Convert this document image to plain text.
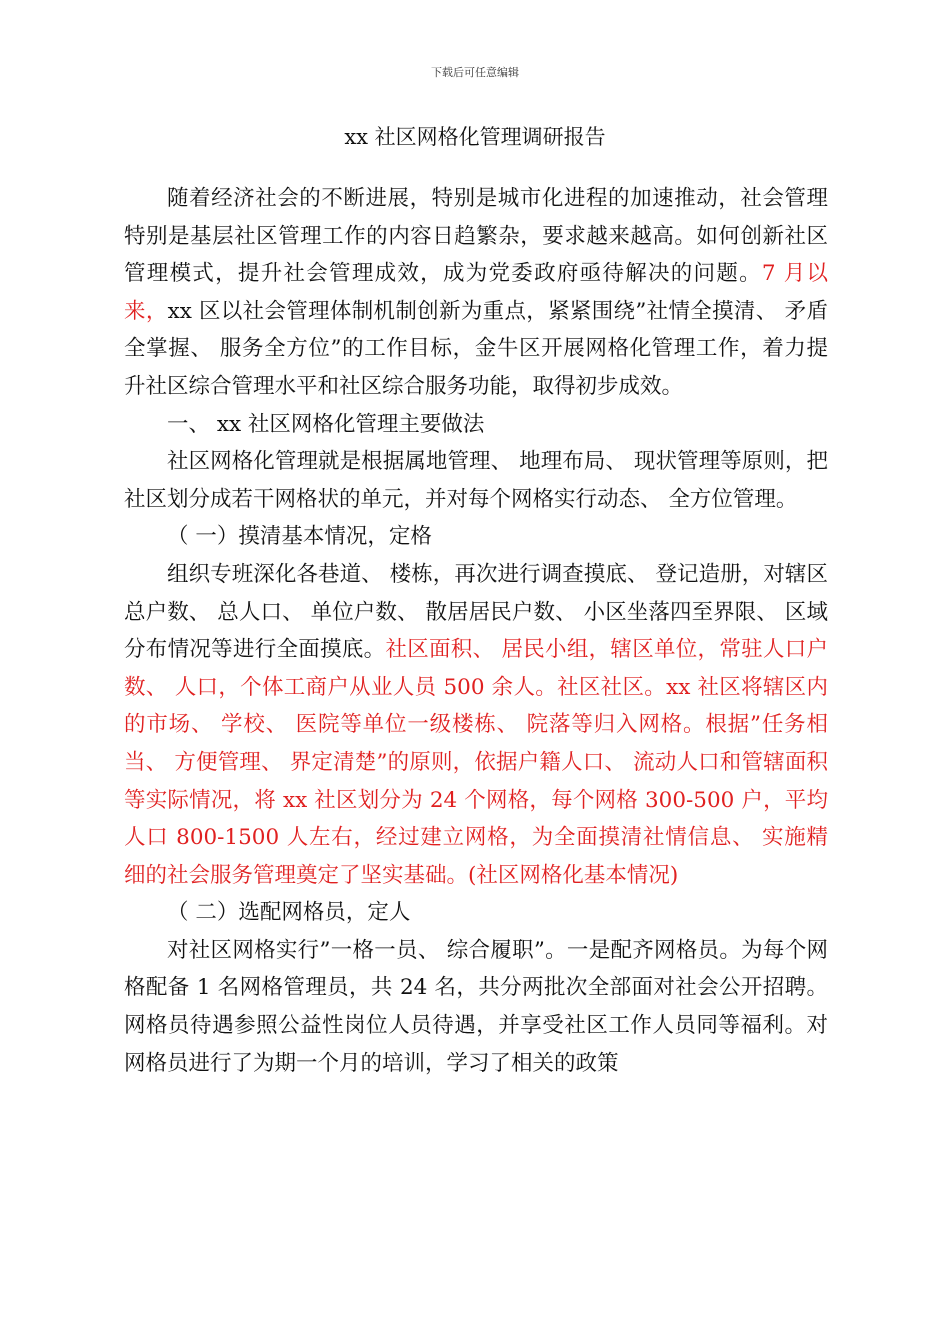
下载后可任意编辑
xx 社区网格化管理调研报告

随着经济社会的不断进展，特别是城市化进程的加速推动，社会管理特别是基层社区管理工作的内容日趋繁杂，要求越来越高。如何创新社区管理模式，提升社会管理成效，成为党委政府亟待解决的问题。7 月以来，xx 区以社会管理体制机制创新为重点，紧紧围绕”社情全摸清、 矛盾全掌握、 服务全方位”的工作目标，金牛区开展网格化管理工作，着力提升社区综合管理水平和社区综合服务功能，取得初步成效。

一、 xx 社区网格化管理主要做法

社区网格化管理就是根据属地管理、 地理布局、 现状管理等原则，把社区划分成若干网格状的单元，并对每个网格实行动态、 全方位管理。

（ 一）摸清基本情况，定格

组织专班深化各巷道、 楼栋，再次进行调查摸底、 登记造册，对辖区总户数、 总人口、 单位户数、 散居居民户数、 小区坐落四至界限、 区域分布情况等进行全面摸底。社区面积、 居民小组，辖区单位，常驻人口户数、 人口，个体工商户从业人员 500 余人。社区社区。xx 社区将辖区内的市场、 学校、 医院等单位一级楼栋、 院落等归入网格。根据”任务相当、 方便管理、 界定清楚”的原则，依据户籍人口、 流动人口和管辖面积等实际情况，将 xx 社区划分为 24 个网格，每个网格 300-500 户，平均人口 800-1500 人左右，经过建立网格，为全面摸清社情信息、 实施精细的社会服务管理奠定了坚实基础。(社区网格化基本情况)

（ 二）选配网格员，定人

对社区网格实行”一格一员、 综合履职”。一是配齐网格员。为每个网格配备 1 名网格管理员，共 24 名，共分两批次全部面对社会公开招聘。网格员待遇参照公益性岗位人员待遇，并享受社区工作人员同等福利。对网格员进行了为期一个月的培训，学习了相关的政策
